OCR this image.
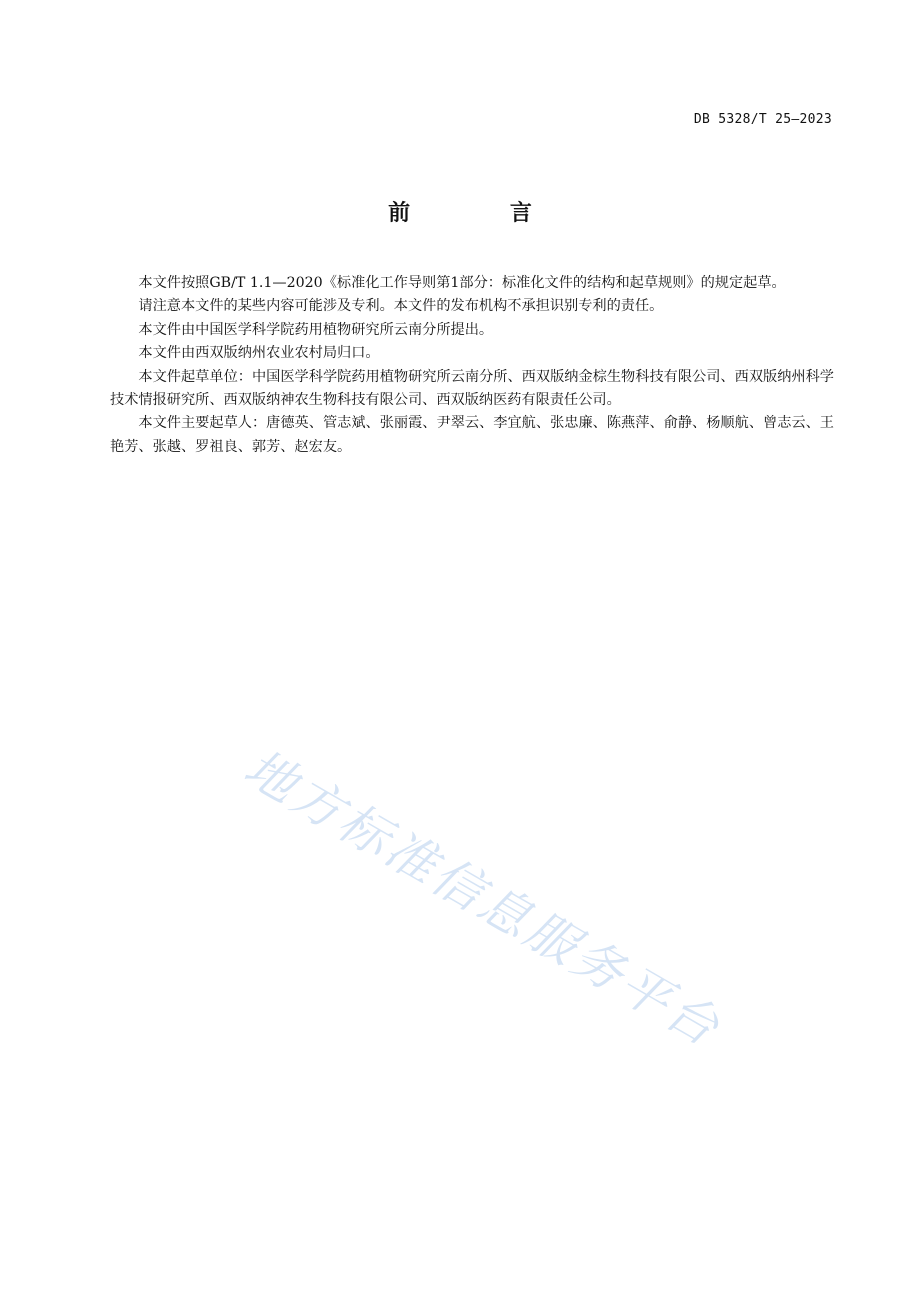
DB 5328/T 25—2023
前 言

本文件按照GB/T 1.1—2020《标准化工作导则第1部分：标准化文件的结构和起草规则》的规定起草。

请注意本文件的某些内容可能涉及专利。本文件的发布机构不承担识别专利的责任。

本文件由中国医学科学院药用植物研究所云南分所提出。

本文件由西双版纳州农业农村局归口。

本文件起草单位：中国医学科学院药用植物研究所云南分所、西双版纳金棕生物科技有限公司、西双版纳州科学技术情报研究所、西双版纳神农生物科技有限公司、西双版纳医药有限责任公司。

本文件主要起草人：唐德英、管志斌、张丽霞、尹翠云、李宜航、张忠廉、陈燕萍、俞静、杨顺航、曾志云、王艳芳、张越、罗祖良、郭芳、赵宏友。

地方标准信息服务平台
